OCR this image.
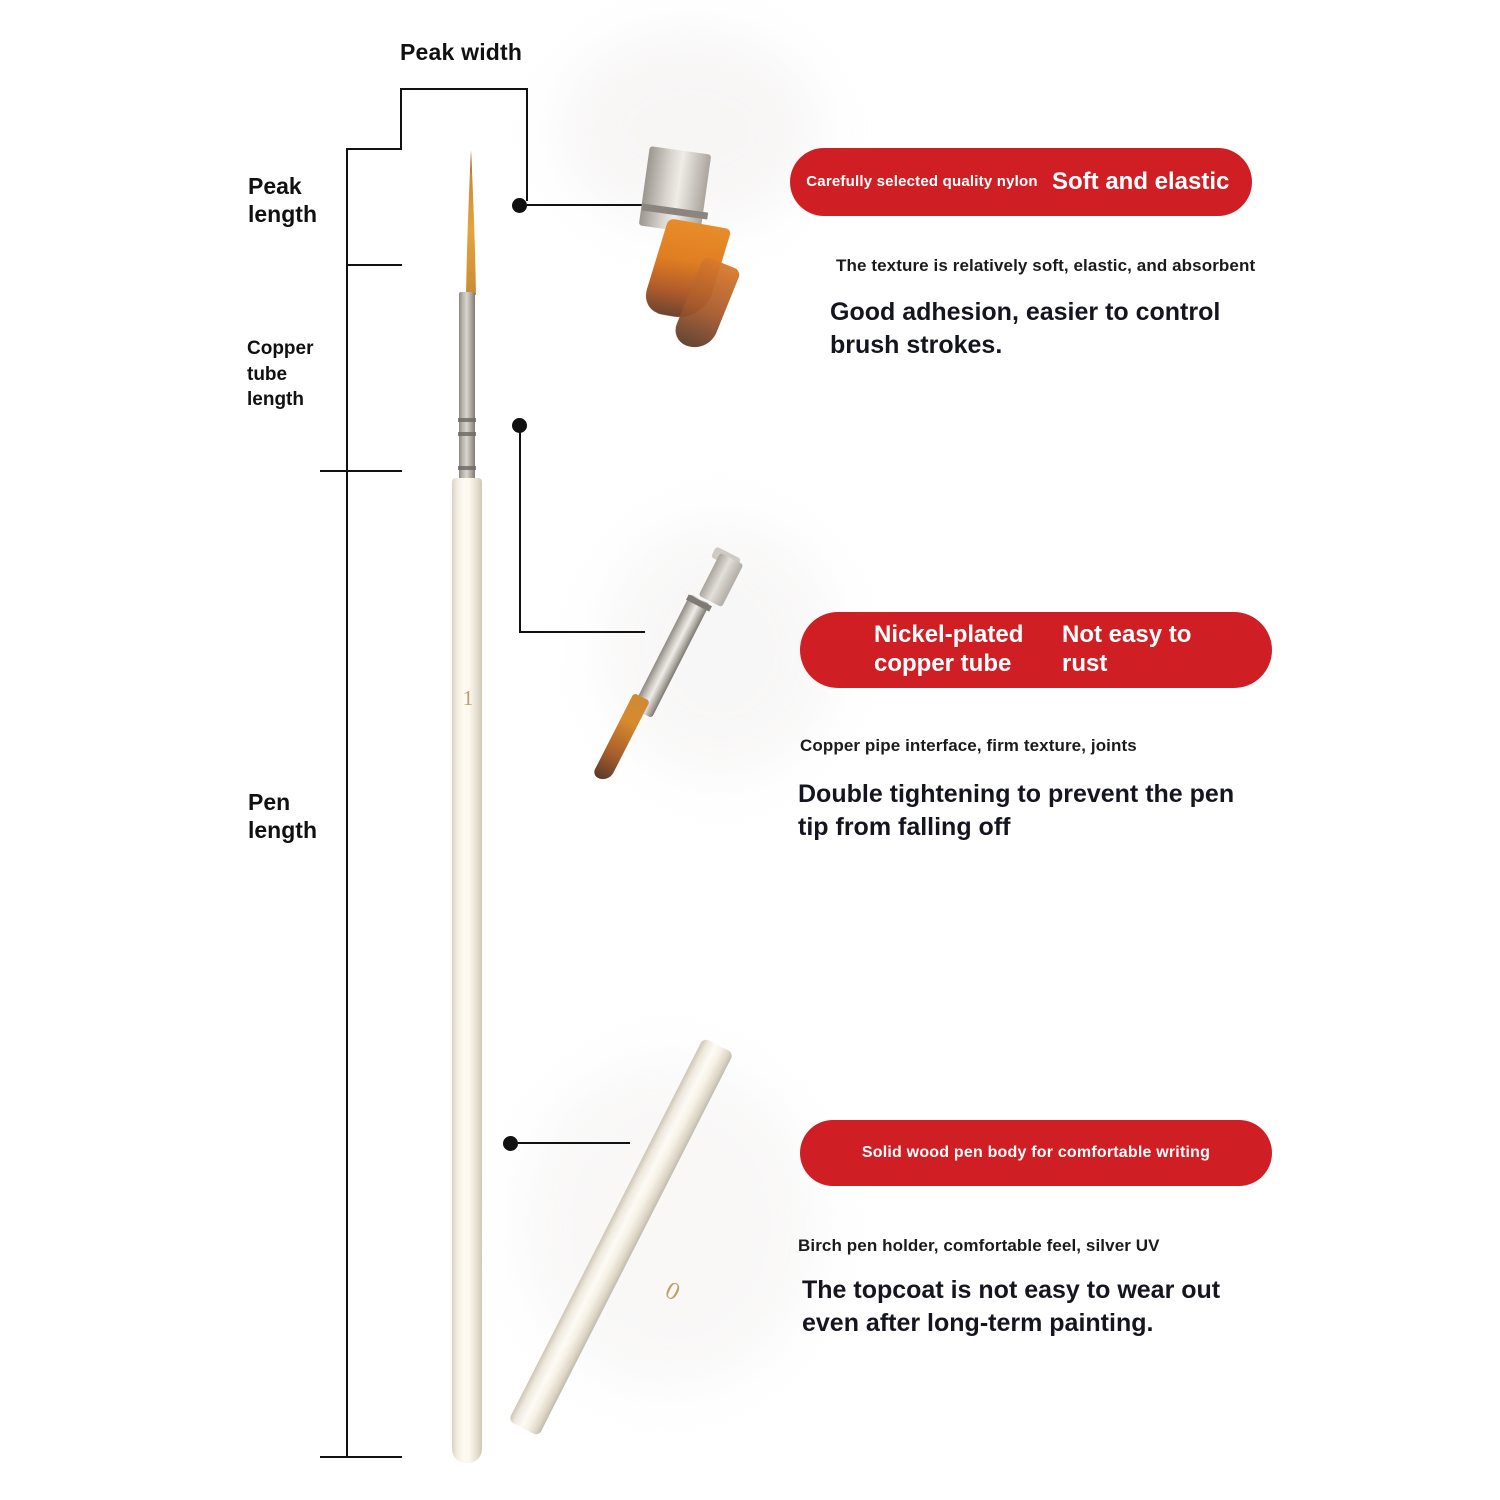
Peak width
Peak
length
Copper
tube
length
Pen
length
1
0
Carefully selected quality nylon Soft and elastic
The texture is relatively soft, elastic, and absorbent
Good adhesion, easier to control brush strokes.
Nickel-plated copper tube
Not easy to rust
Copper pipe interface, firm texture, joints
Double tightening to prevent the pen tip from falling off
Solid wood pen body for comfortable writing
Birch pen holder, comfortable feel, silver UV
The topcoat is not easy to wear out even after long-term painting.
